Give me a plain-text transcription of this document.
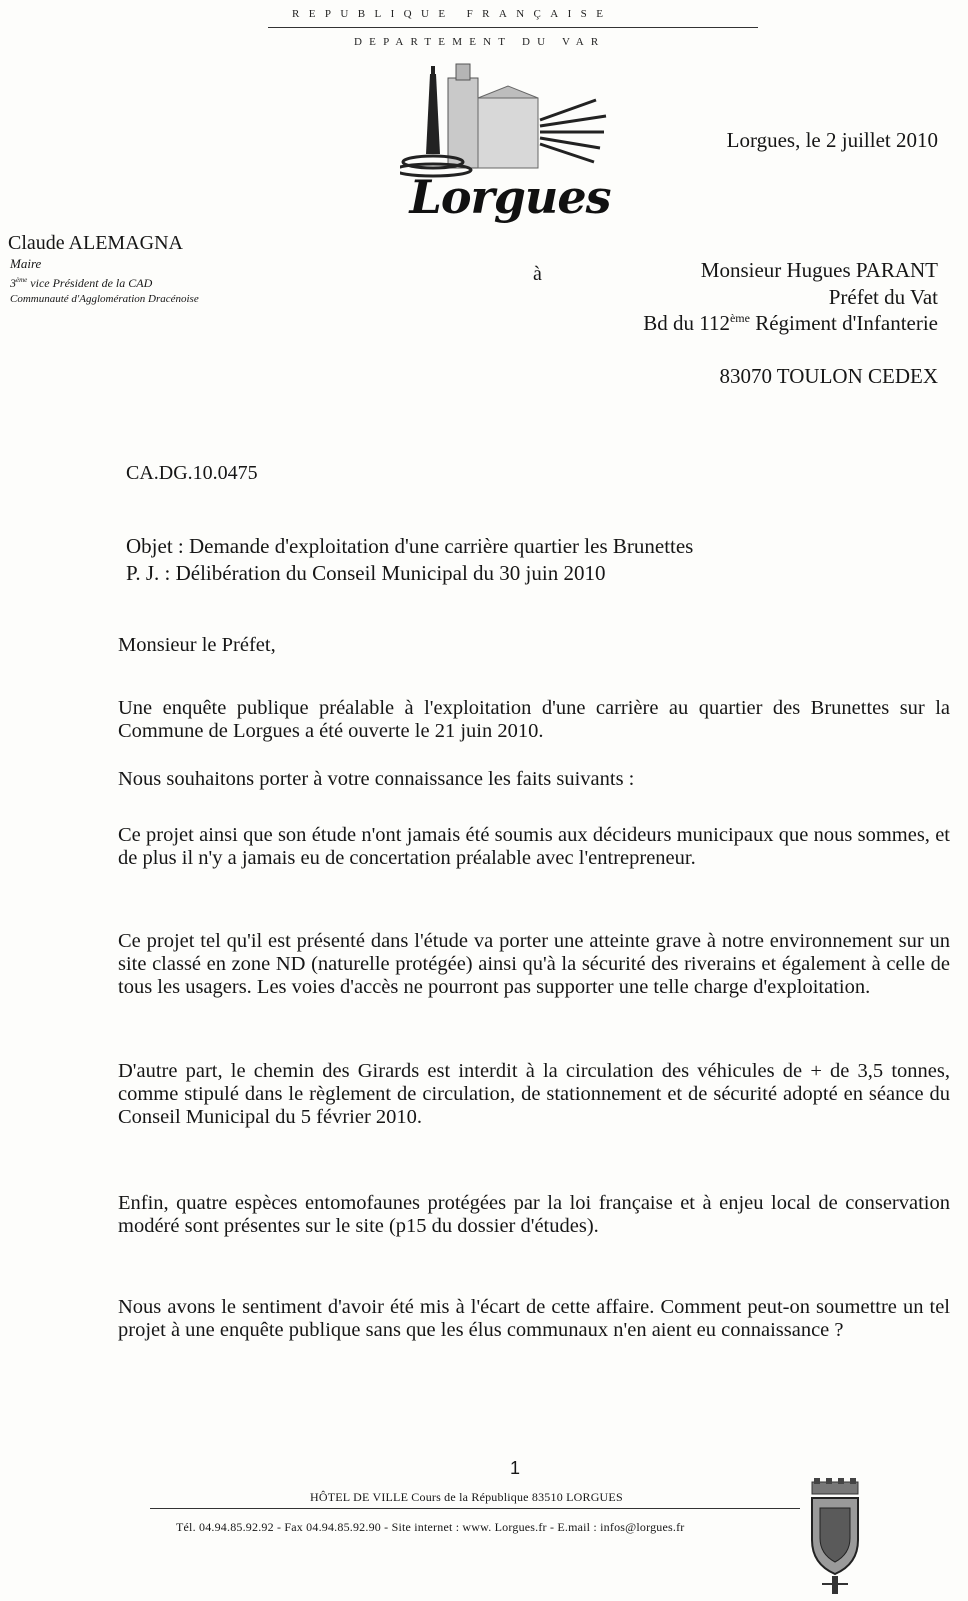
REPUBLIQUE FRANÇAISE
DEPARTEMENT DU VAR
Lorgues
Lorgues, le 2 juillet 2010
Claude ALEMAGNA
Maire
3ème vice Président de la CAD
Communauté d'Agglomération Dracénoise
à	Monsieur Hugues PARANT
Préfet du Vat
Bd du 112ème Régiment d'Infanterie
83070 TOULON CEDEX
CA.DG.10.0475
Objet : Demande d'exploitation d'une carrière quartier les Brunettes
P. J. : Délibération du Conseil Municipal du 30 juin 2010
Monsieur le Préfet,
Une enquête publique préalable à l'exploitation d'une carrière au quartier des Brunettes sur la Commune de Lorgues a été ouverte le 21 juin 2010.
Nous souhaitons porter à votre connaissance les faits suivants :
Ce projet ainsi que son étude n'ont jamais été soumis aux décideurs municipaux que nous sommes, et de plus il n'y a jamais eu de concertation préalable avec l'entrepreneur.
Ce projet tel qu'il est présenté dans l'étude va porter une atteinte grave à notre environnement sur un site classé en zone ND (naturelle protégée) ainsi qu'à la sécurité des riverains et également à celle de tous les usagers. Les voies d'accès ne pourront pas supporter une telle charge d'exploitation.
D'autre part, le chemin des Girards est interdit à la circulation des véhicules de + de 3,5 tonnes, comme stipulé dans le règlement de circulation, de stationnement et de sécurité adopté en séance du Conseil Municipal du 5 février 2010.
Enfin, quatre espèces entomofaunes protégées par la loi française et à enjeu local de conservation modéré sont présentes sur le site (p15 du dossier d'études).
Nous avons le sentiment d'avoir été mis à l'écart de cette affaire. Comment peut-on soumettre un tel projet à une enquête publique sans que les élus communaux n'en aient eu connaissance ?
1
HÔTEL DE VILLE Cours de la République 83510 LORGUES
Tél. 04.94.85.92.92 - Fax 04.94.85.92.90 - Site internet : www. Lorgues.fr - E.mail : infos@lorgues.fr
